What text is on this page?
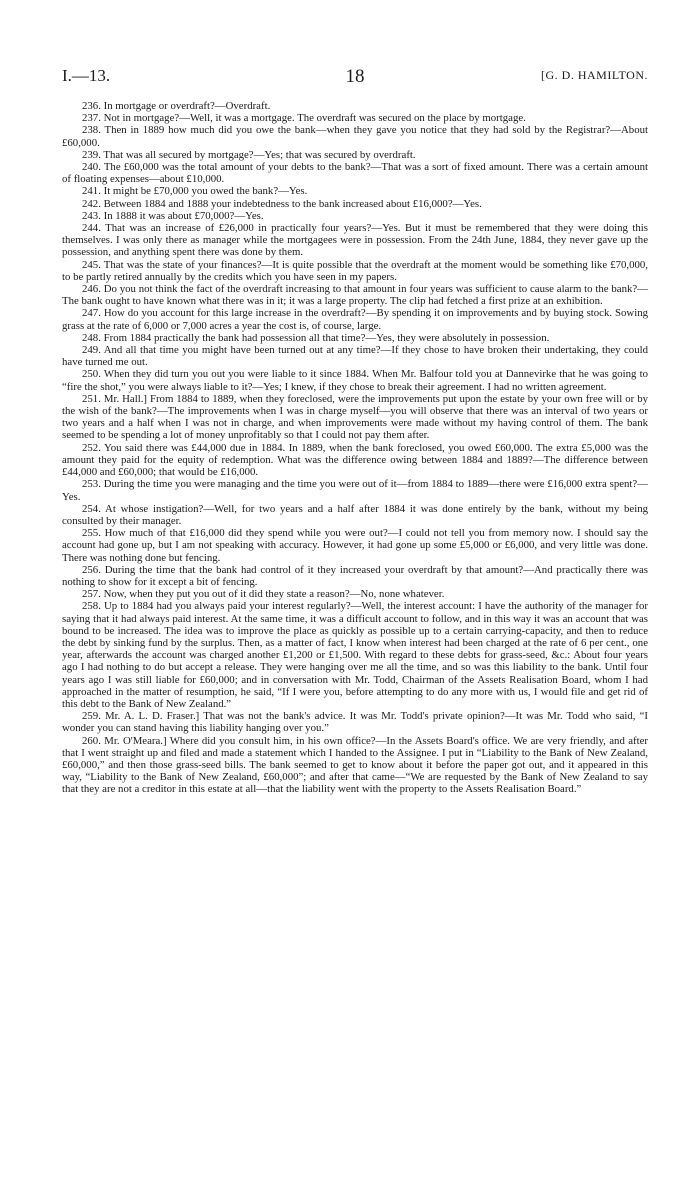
I.—13.	18	[G. D. HAMILTON.

236. In mortgage or overdraft?—Overdraft.

237. Not in mortgage?—Well, it was a mortgage. The overdraft was secured on the place by mortgage.

238. Then in 1889 how much did you owe the bank—when they gave you notice that they had sold by the Registrar?—About £60,000.

239. That was all secured by mortgage?—Yes; that was secured by overdraft.

240. The £60,000 was the total amount of your debts to the bank?—That was a sort of fixed amount. There was a certain amount of floating expenses—about £10,000.

241. It might be £70,000 you owed the bank?—Yes.

242. Between 1884 and 1888 your indebtedness to the bank increased about £16,000?—Yes.

243. In 1888 it was about £70,000?—Yes.

244. That was an increase of £26,000 in practically four years?—Yes. But it must be remembered that they were doing this themselves. I was only there as manager while the mortgagees were in possession. From the 24th June, 1884, they never gave up the possession, and anything spent there was done by them.

245. That was the state of your finances?—It is quite possible that the overdraft at the moment would be something like £70,000, to be partly retired annually by the credits which you have seen in my papers.

246. Do you not think the fact of the overdraft increasing to that amount in four years was sufficient to cause alarm to the bank?—The bank ought to have known what there was in it; it was a large property. The clip had fetched a first prize at an exhibition.

247. How do you account for this large increase in the overdraft?—By spending it on improvements and by buying stock. Sowing grass at the rate of 6,000 or 7,000 acres a year the cost is, of course, large.

248. From 1884 practically the bank had possession all that time?—Yes, they were absolutely in possession.

249. And all that time you might have been turned out at any time?—If they chose to have broken their undertaking, they could have turned me out.

250. When they did turn you out you were liable to it since 1884. When Mr. Balfour told you at Dannevirke that he was going to “fire the shot,” you were always liable to it?—Yes; I knew, if they chose to break their agreement. I had no written agreement.

251. Mr. Hall.] From 1884 to 1889, when they foreclosed, were the improvements put upon the estate by your own free will or by the wish of the bank?—The improvements when I was in charge myself—you will observe that there was an interval of two years or two years and a half when I was not in charge, and when improvements were made without my having control of them. The bank seemed to be spending a lot of money unprofitably so that I could not pay them after.

252. You said there was £44,000 due in 1884. In 1889, when the bank foreclosed, you owed £60,000. The extra £5,000 was the amount they paid for the equity of redemption. What was the difference owing between 1884 and 1889?—The difference between £44,000 and £60,000; that would be £16,000.

253. During the time you were managing and the time you were out of it—from 1884 to 1889—there were £16,000 extra spent?—Yes.

254. At whose instigation?—Well, for two years and a half after 1884 it was done entirely by the bank, without my being consulted by their manager.

255. How much of that £16,000 did they spend while you were out?—I could not tell you from memory now. I should say the account had gone up, but I am not speaking with accuracy. However, it had gone up some £5,000 or £6,000, and very little was done. There was nothing done but fencing.

256. During the time that the bank had control of it they increased your overdraft by that amount?—And practically there was nothing to show for it except a bit of fencing.

257. Now, when they put you out of it did they state a reason?—No, none whatever.

258. Up to 1884 had you always paid your interest regularly?—Well, the interest account: I have the authority of the manager for saying that it had always paid interest. At the same time, it was a difficult account to follow, and in this way it was an account that was bound to be increased. The idea was to improve the place as quickly as possible up to a certain carrying-capacity, and then to reduce the debt by sinking fund by the surplus. Then, as a matter of fact, I know when interest had been charged at the rate of 6 per cent., one year, afterwards the account was charged another £1,200 or £1,500. With regard to these debts for grass-seed, &c.: About four years ago I had nothing to do but accept a release. They were hanging over me all the time, and so was this liability to the bank. Until four years ago I was still liable for £60,000; and in conversation with Mr. Todd, Chairman of the Assets Realisation Board, whom I had approached in the matter of resumption, he said, “If I were you, before attempting to do any more with us, I would file and get rid of this debt to the Bank of New Zealand.”

259. Mr. A. L. D. Fraser.] That was not the bank's advice. It was Mr. Todd's private opinion?—It was Mr. Todd who said, “I wonder you can stand having this liability hanging over you.”

260. Mr. O'Meara.] Where did you consult him, in his own office?—In the Assets Board's office. We are very friendly, and after that I went straight up and filed and made a statement which I handed to the Assignee. I put in “Liability to the Bank of New Zealand, £60,000,” and then those grass-seed bills. The bank seemed to get to know about it before the paper got out, and it appeared in this way, “Liability to the Bank of New Zealand, £60,000”; and after that came—“We are requested by the Bank of New Zealand to say that they are not a creditor in this estate at all—that the liability went with the property to the Assets Realisation Board.”
